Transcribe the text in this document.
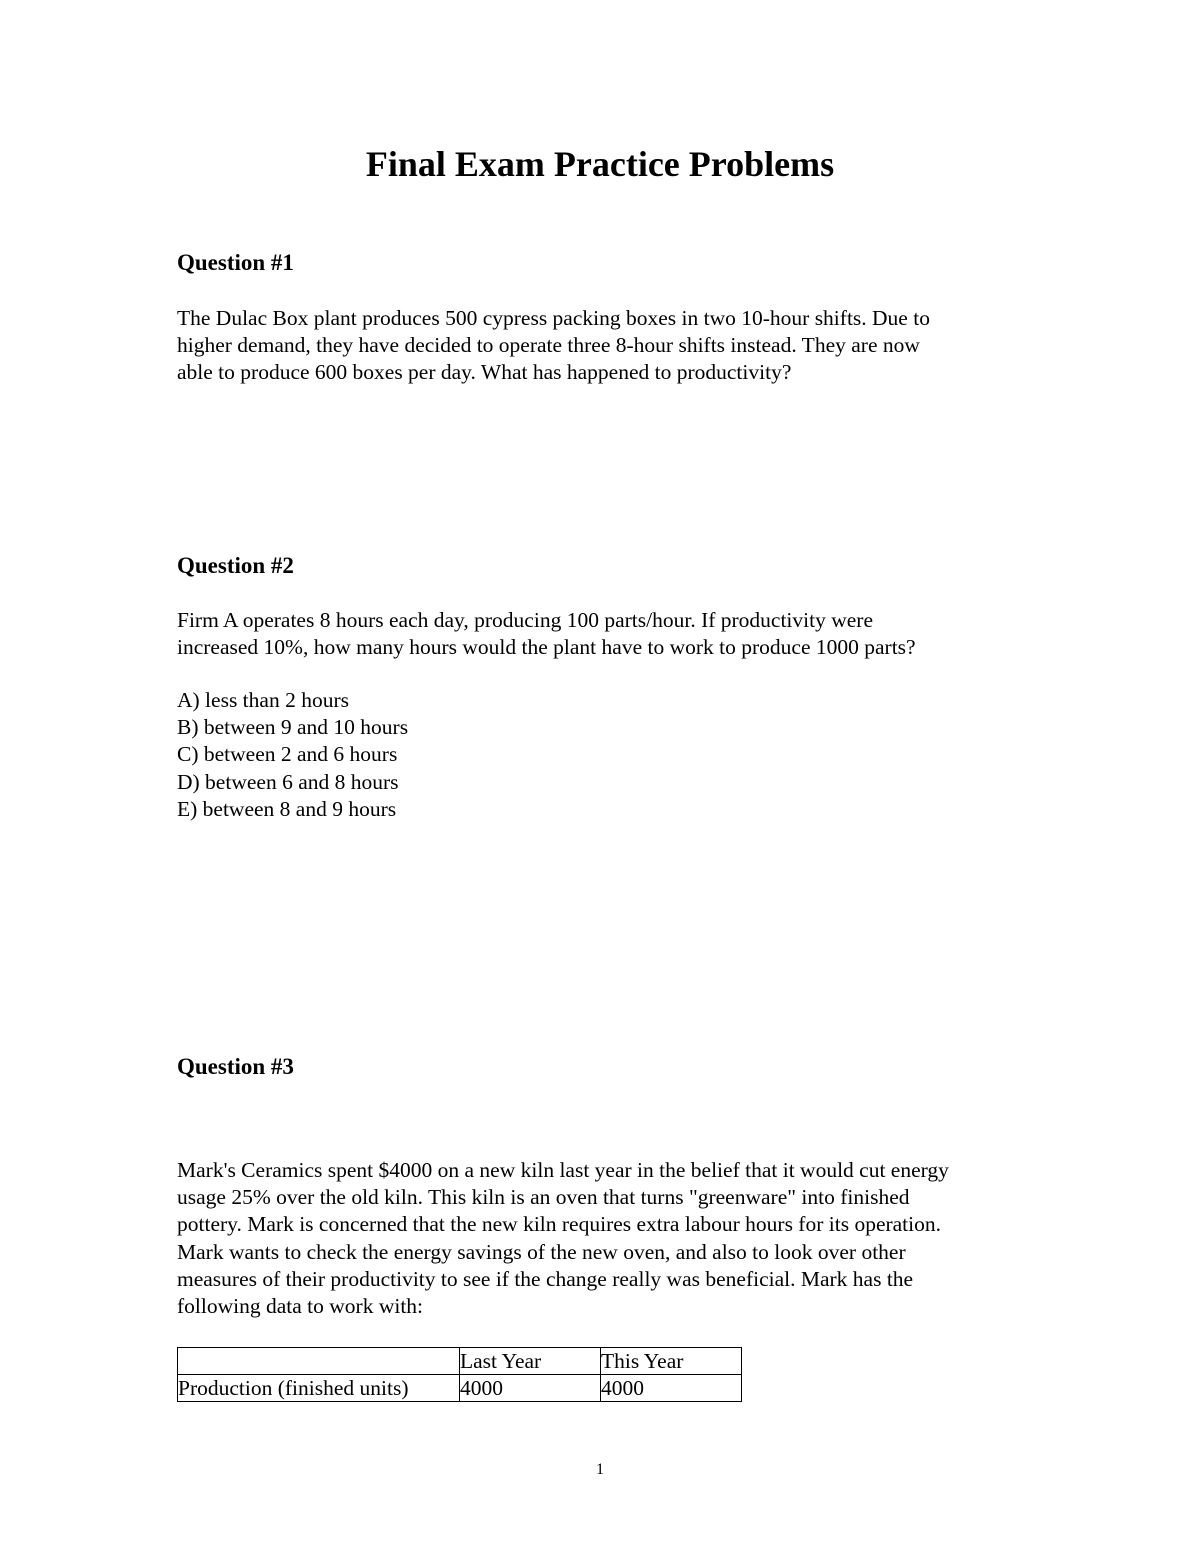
Final Exam Practice Problems
Question #1

The Dulac Box plant produces 500 cypress packing boxes in two 10-hour shifts. Due to
higher demand, they have decided to operate three 8-hour shifts instead. They are now
able to produce 600 boxes per day. What has happened to productivity?

Question #2

Firm A operates 8 hours each day, producing 100 parts/hour. If productivity were
increased 10%, how many hours would the plant have to work to produce 1000 parts?

A) less than 2 hours
B) between 9 and 10 hours
C) between 2 and 6 hours
D) between 6 and 8 hours
E) between 8 and 9 hours
Question #3

Mark's Ceramics spent $4000 on a new kiln last year in the belief that it would cut energy
usage 25% over the old kiln. This kiln is an oven that turns "greenware" into finished
pottery. Mark is concerned that the new kiln requires extra labour hours for its operation.
Mark wants to check the energy savings of the new oven, and also to look over other
measures of their productivity to see if the change really was beneficial. Mark has the
following data to work with:

	Last Year	This Year
Production (finished units)	4000	4000
1
